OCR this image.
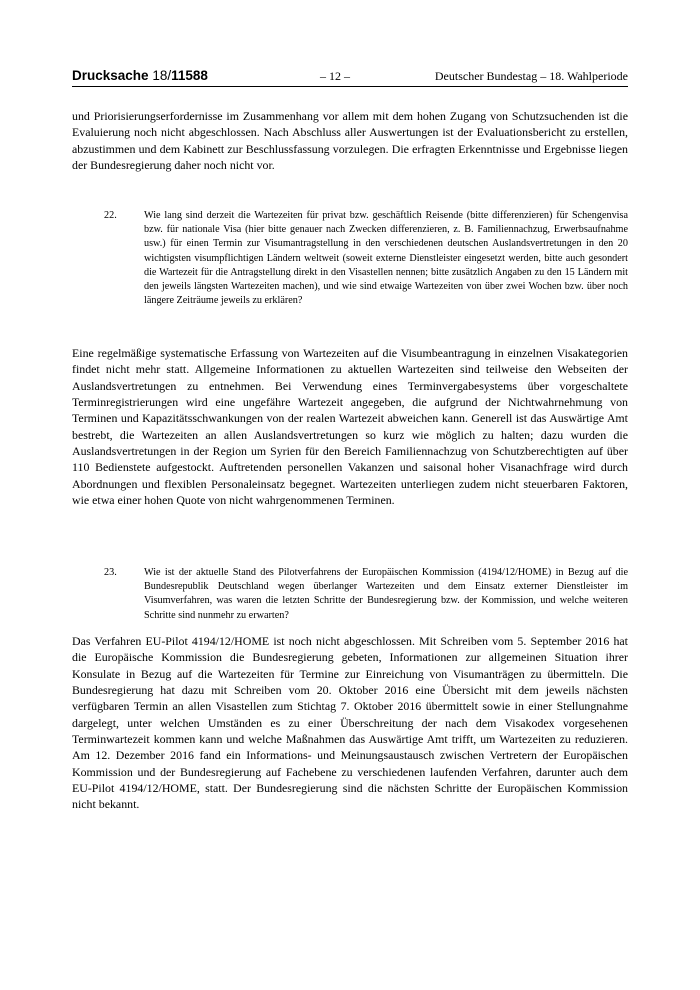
Drucksache 18/11588	– 12 –	Deutscher Bundestag – 18. Wahlperiode

und Priorisierungserfordernisse im Zusammenhang vor allem mit dem hohen Zugang von Schutzsuchenden ist die Evaluierung noch nicht abgeschlossen. Nach Abschluss aller Auswertungen ist der Evaluationsbericht zu erstellen, abzustimmen und dem Kabinett zur Beschlussfassung vorzulegen. Die erfragten Erkenntnisse und Ergebnisse liegen der Bundesregierung daher noch nicht vor.

22.	Wie lang sind derzeit die Wartezeiten für privat bzw. geschäftlich Reisende (bitte differenzieren) für Schengenvisa bzw. für nationale Visa (hier bitte genauer nach Zwecken differenzieren, z. B. Familiennachzug, Erwerbsaufnahme usw.) für einen Termin zur Visumantragstellung in den verschiedenen deutschen Auslandsvertretungen in den 20 wichtigsten visumpflichtigen Ländern weltweit (soweit externe Dienstleister eingesetzt werden, bitte auch gesondert die Wartezeit für die Antragstellung direkt in den Visastellen nennen; bitte zusätzlich Angaben zu den 15 Ländern mit den jeweils längsten Wartezeiten machen), und wie sind etwaige Wartezeiten von über zwei Wochen bzw. über noch längere Zeiträume jeweils zu erklären?

Eine regelmäßige systematische Erfassung von Wartezeiten auf die Visumbeantragung in einzelnen Visakategorien findet nicht mehr statt. Allgemeine Informationen zu aktuellen Wartezeiten sind teilweise den Webseiten der Auslandsvertretungen zu entnehmen. Bei Verwendung eines Terminvergabesystems über vorgeschaltete Terminregistrierungen wird eine ungefähre Wartezeit angegeben, die aufgrund der Nichtwahrnehmung von Terminen und Kapazitätsschwankungen von der realen Wartezeit abweichen kann. Generell ist das Auswärtige Amt bestrebt, die Wartezeiten an allen Auslandsvertretungen so kurz wie möglich zu halten; dazu wurden die Auslandsvertretungen in der Region um Syrien für den Bereich Familiennachzug von Schutzberechtigten auf über 110 Bedienstete aufgestockt. Auftretenden personellen Vakanzen und saisonal hoher Visanachfrage wird durch Abordnungen und flexiblen Personaleinsatz begegnet. Wartezeiten unterliegen zudem nicht steuerbaren Faktoren, wie etwa einer hohen Quote von nicht wahrgenommenen Terminen.

23.	Wie ist der aktuelle Stand des Pilotverfahrens der Europäischen Kommission (4194/12/HOME) in Bezug auf die Bundesrepublik Deutschland wegen überlanger Wartezeiten und dem Einsatz externer Dienstleister im Visumverfahren, was waren die letzten Schritte der Bundesregierung bzw. der Kommission, und welche weiteren Schritte sind nunmehr zu erwarten?

Das Verfahren EU-Pilot 4194/12/HOME ist noch nicht abgeschlossen. Mit Schreiben vom 5. September 2016 hat die Europäische Kommission die Bundesregierung gebeten, Informationen zur allgemeinen Situation ihrer Konsulate in Bezug auf die Wartezeiten für Termine zur Einreichung von Visumanträgen zu übermitteln. Die Bundesregierung hat dazu mit Schreiben vom 20. Oktober 2016 eine Übersicht mit dem jeweils nächsten verfügbaren Termin an allen Visastellen zum Stichtag 7. Oktober 2016 übermittelt sowie in einer Stellungnahme dargelegt, unter welchen Umständen es zu einer Überschreitung der nach dem Visakodex vorgesehenen Terminwartezeit kommen kann und welche Maßnahmen das Auswärtige Amt trifft, um Wartezeiten zu reduzieren. Am 12. Dezember 2016 fand ein Informations- und Meinungsaustausch zwischen Vertretern der Europäischen Kommission und der Bundesregierung auf Fachebene zu verschiedenen laufenden Verfahren, darunter auch dem EU-Pilot 4194/12/HOME, statt. Der Bundesregierung sind die nächsten Schritte der Europäischen Kommission nicht bekannt.
